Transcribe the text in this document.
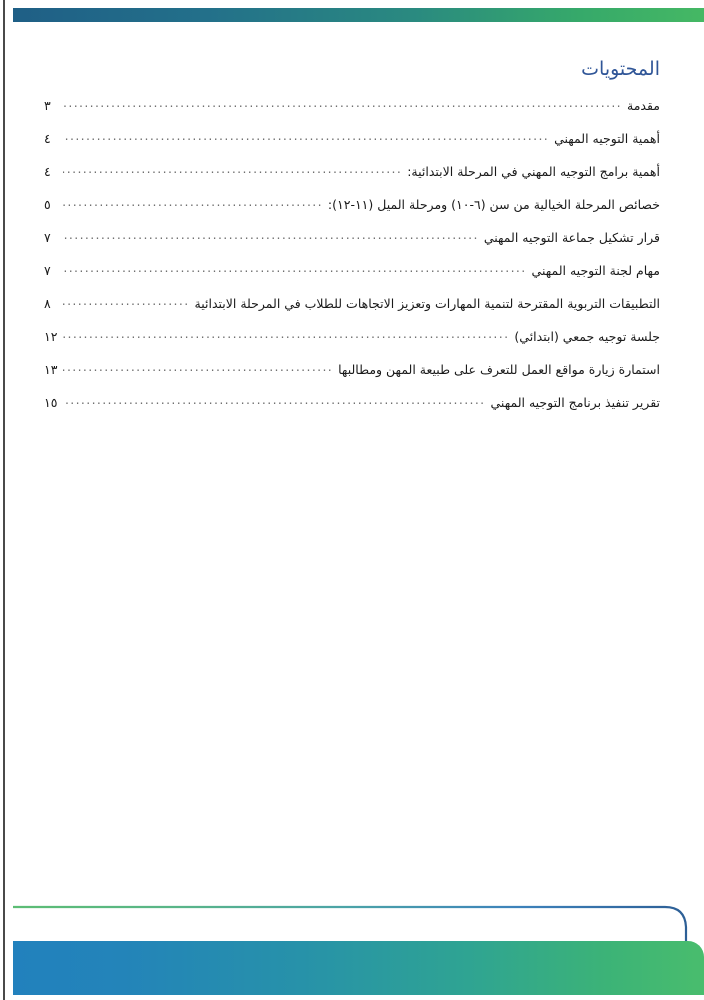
المحتويات
مقدمة
.....
٣
أهمية التوجيه المهني
.....
٤
أهمية برامج التوجيه المهني في المرحلة الابتدائية:
.....
٤
خصائص المرحلة الخيالية من سن (٦-١٠) ومرحلة الميل (١١-١٢):
.....
٥
قرار تشكيل جماعة التوجيه المهني
.....
٧
مهام لجنة التوجيه المهني
.....
٧
التطبيقات التربوية المقترحة لتنمية المهارات وتعزيز الاتجاهات للطلاب في المرحلة الابتدائية
.....
٨
جلسة توجيه جمعي (ابتدائي)
.....
١٢
استمارة زيارة مواقع العمل للتعرف على طبيعة المهن ومطالبها
.....
١٣
تقرير تنفيذ برنامج التوجيه المهني
.....
١٥
